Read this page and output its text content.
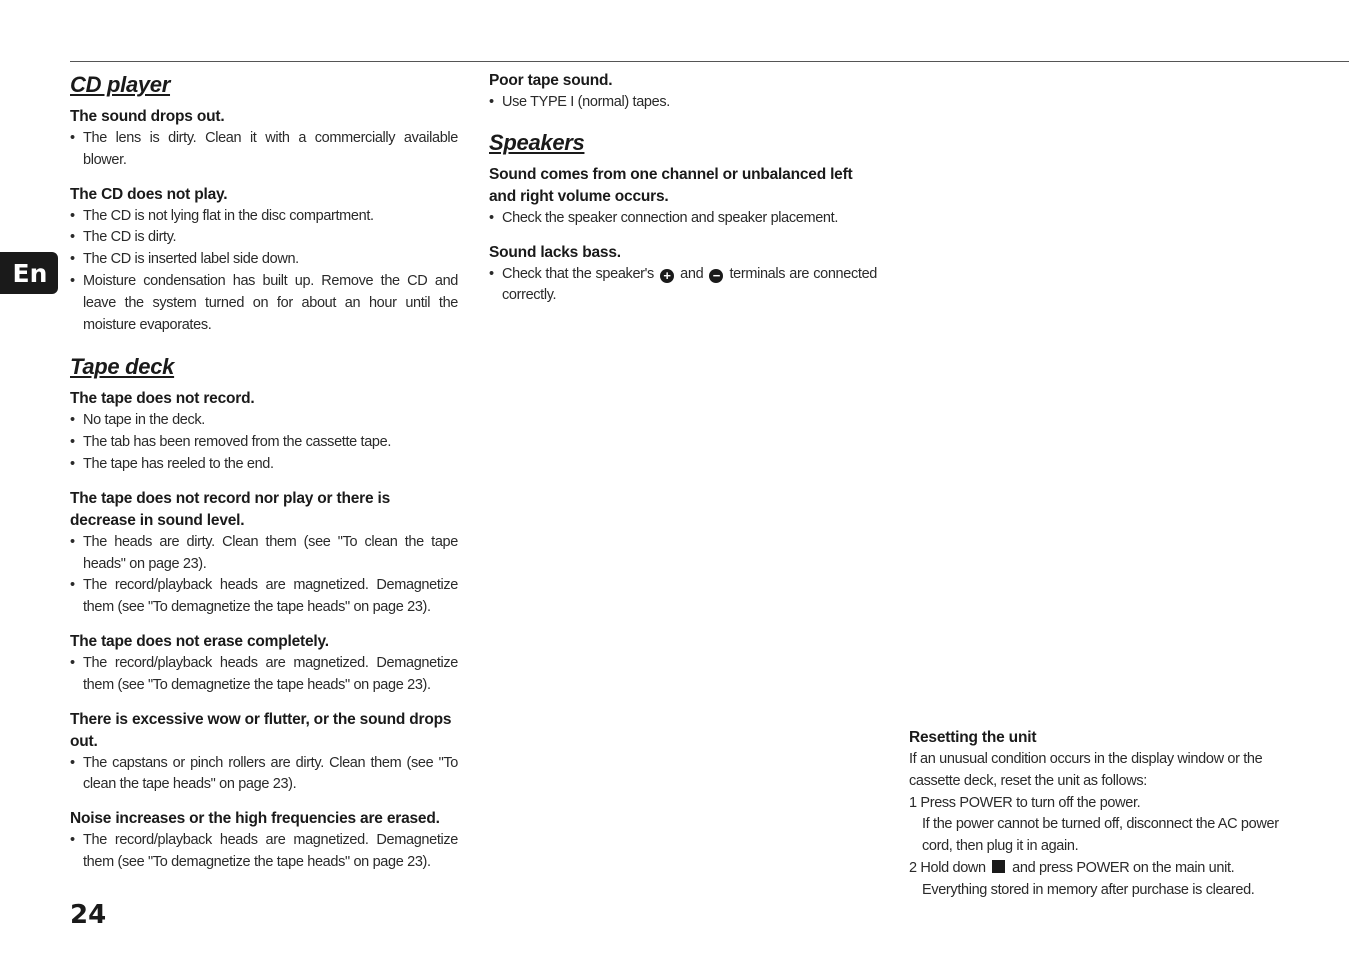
En
CD player
The sound drops out.
• The lens is dirty. Clean it with a commercially available blower.
The CD does not play.
• The CD is not lying flat in the disc compartment.
• The CD is dirty.
• The CD is inserted label side down.
• Moisture condensation has built up. Remove the CD and leave the system turned on for about an hour until the moisture evaporates.
Tape deck
The tape does not record.
• No tape in the deck.
• The tab has been removed from the cassette tape.
• The tape has reeled to the end.
The tape does not record nor play or there is decrease in sound level.
• The heads are dirty. Clean them (see "To clean the tape heads" on page 23).
• The record/playback heads are magnetized. Demagnetize them (see "To demagnetize the tape heads" on page 23).
The tape does not erase completely.
• The record/playback heads are magnetized. Demagnetize them (see "To demagnetize the tape heads" on page 23).
There is excessive wow or flutter, or the sound drops out.
• The capstans or pinch rollers are dirty. Clean them (see "To clean the tape heads" on page 23).
Noise increases or the high frequencies are erased.
• The record/playback heads are magnetized. Demagnetize them (see "To demagnetize the tape heads" on page 23).
Poor tape sound.
• Use TYPE I (normal) tapes.
Speakers
Sound comes from one channel or unbalanced left and right volume occurs.
• Check the speaker connection and speaker placement.
Sound lacks bass.
• Check that the speaker's + and − terminals are connected correctly.
Resetting the unit

If an unusual condition occurs in the display window or the cassette deck, reset the unit as follows:

1 Press POWER to turn off the power.
If the power cannot be turned off, disconnect the AC power cord, then plug it in again.
2 Hold down and press POWER on the main unit.
Everything stored in memory after purchase is cleared.
24
